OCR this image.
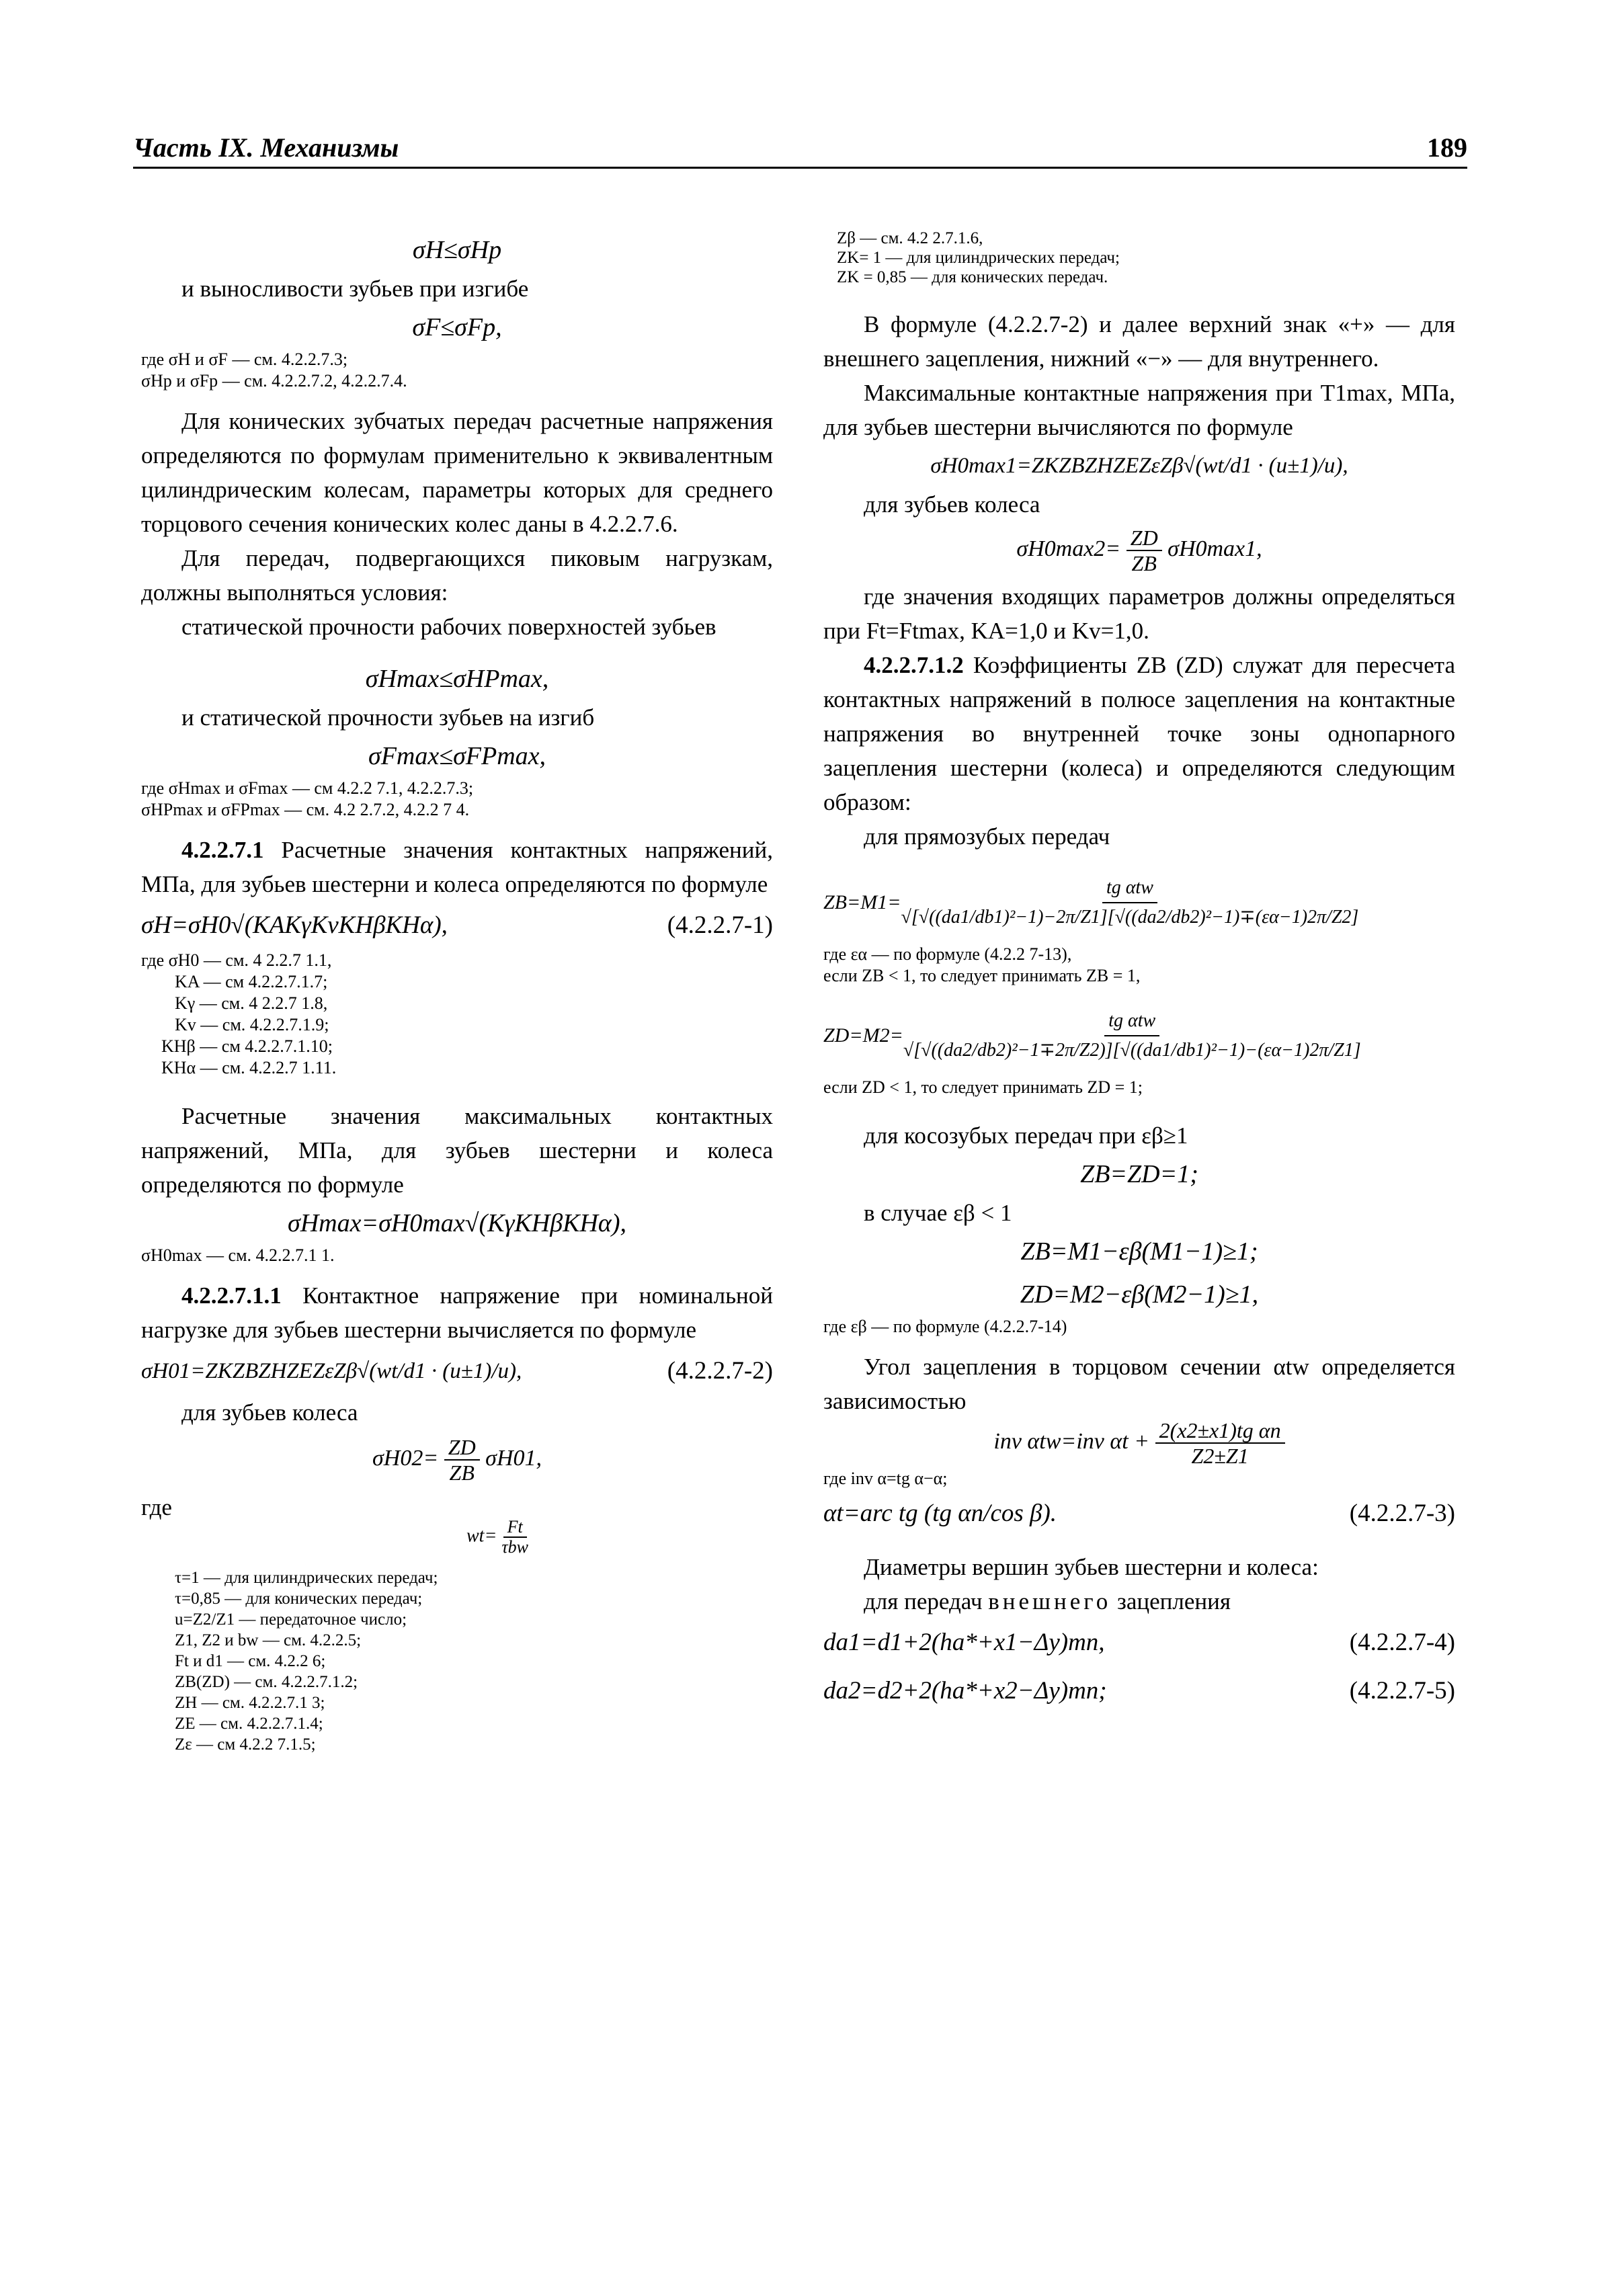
Часть IX. Механизмы	189
σH≤σHp

и выносливости зубьев при изгибе

σF≤σFp,

где σH и σF — см. 4.2.2.7.3;

σHp и σFp — см. 4.2.2.7.2, 4.2.2.7.4.

Для конических зубчатых передач расчетные напряжения определяются по формулам применительно к эквивалентным цилиндрическим колесам, параметры которых для среднего торцового сечения конических колес даны в 4.2.2.7.6.

Для передач, подвергающихся пиковым нагрузкам, должны выполняться условия:

статической прочности рабочих поверхностей зубьев

σHmax≤σHPmax,

и статической прочности зубьев на изгиб

σFmax≤σFPmax,

где σHmax и σFmax — см 4.2.2 7.1, 4.2.2.7.3;

σHPmax и σFPmax — см. 4.2 2.7.2, 4.2.2 7 4.

4.2.2.7.1 Расчетные значения контактных напряжений, МПа, для зубьев шестерни и колеса определяются по формуле

σH=σH0√(KAKγKvKHβKHα),	(4.2.2.7-1)
где σH0 — см. 4 2.2.7 1.1,
KA — см 4.2.2.7.1.7;
Kγ — см. 4 2.2.7 1.8,
Kv — см. 4.2.2.7.1.9;
KHβ — см 4.2.2.7.1.10;
KHα — см. 4.2.2.7 1.11.

Расчетные значения максимальных контактных напряжений, МПа, для зубьев шестерни и колеса определяются по формуле

σHmax=σH0max√(KγKHβKHα),

σH0max — см. 4.2.2.7.1 1.

4.2.2.7.1.1 Контактное напряжение при номинальной нагрузке для зубьев шестерни вычисляется по формуле

σH01=ZKZBZHZEZεZβ√(wt/d1 · (u±1)/u),	(4.2.2.7-2)

для зубьев колеса

$\sigma H02= \frac{ZD}{ZB} \sigma H01$,

где

$wt= \frac{Ft}{\text{τbw}}$
τ=1 — для цилиндрических передач;
τ=0,85 — для конических передач;
u=Z2/Z1 — передаточное число;
Z1, Z2 и bw — см. 4.2.2.5;
Ft и d1 — см. 4.2.2 6;
ZB(ZD) — см. 4.2.2.7.1.2;
ZH — см. 4.2.2.7.1 3;
ZE — см. 4.2.2.7.1.4;
Zε — см 4.2.2 7.1.5;
Zβ — см. 4.2 2.7.1.6,
ZK= 1 — для цилиндрических передач;
ZK = 0,85 — для конических передач.

В формуле (4.2.2.7-2) и далее верхний знак «+» — для внешнего зацепления, нижний «−» — для внутреннего.

Максимальные контактные напряжения при T1max, МПа, для зубьев шестерни вычисляются по формуле

σH0max1=ZKZBZHZEZεZβ√(wt/d1 · (u±1)/u),

для зубьев колеса

$\sigma H0\max 2= \frac{ZD}{ZB} \sigma H0\max 1$,

где значения входящих параметров должны определяться при Ft=Ftmax, KA=1,0 и Kv=1,0.

4.2.2.7.1.2 Коэффициенты ZB (ZD) служат для пересчета контактных напряжений в полюсе зацепления на контактные напряжения во внутренней точке зоны однопарного зацепления шестерни (колеса) и определяются следующим образом:

для прямозубых передач

$ZB=M1= \frac{\text{tg αtw}}{\text{√[√((da1/db1)²−1)−2π/Z1][√((da2/db2)²−1)∓(εα−1)2π/Z2]}}$

где εα — по формуле (4.2.2 7-13),

если ZB < 1, то следует принимать ZB = 1,

$ZD=M2= \frac{\text{tg αtw}}{\text{√[√((da2/db2)²−1∓2π/Z2)][√((da1/db1)²−1)−(εα−1)2π/Z1]}}$

если ZD < 1, то следует принимать ZD = 1;

для косозубых передач при εβ≥1

ZB=ZD=1;

в случае εβ < 1

ZB=M1−εβ(M1−1)≥1;
ZD=M2−εβ(M2−1)≥1,

где εβ — по формуле (4.2.2.7-14)

Угол зацепления в торцовом сечении αtw определяется зависимостью

inv αtw=inv $\alpha t + \frac{\text{2(x2±x1)tg αn}}{Z2\pm Z1}$

где inv α=tg α−α;

αt=arc tg (tg αn/cos β).	(4.2.2.7-3)

Диаметры вершин зубьев шестерни и колеса:

для передач внешнего зацепления

da1=d1+2(ha*+x1−Δy)mn,	(4.2.2.7-4)
da2=d2+2(ha*+x2−Δy)mn;	(4.2.2.7-5)
